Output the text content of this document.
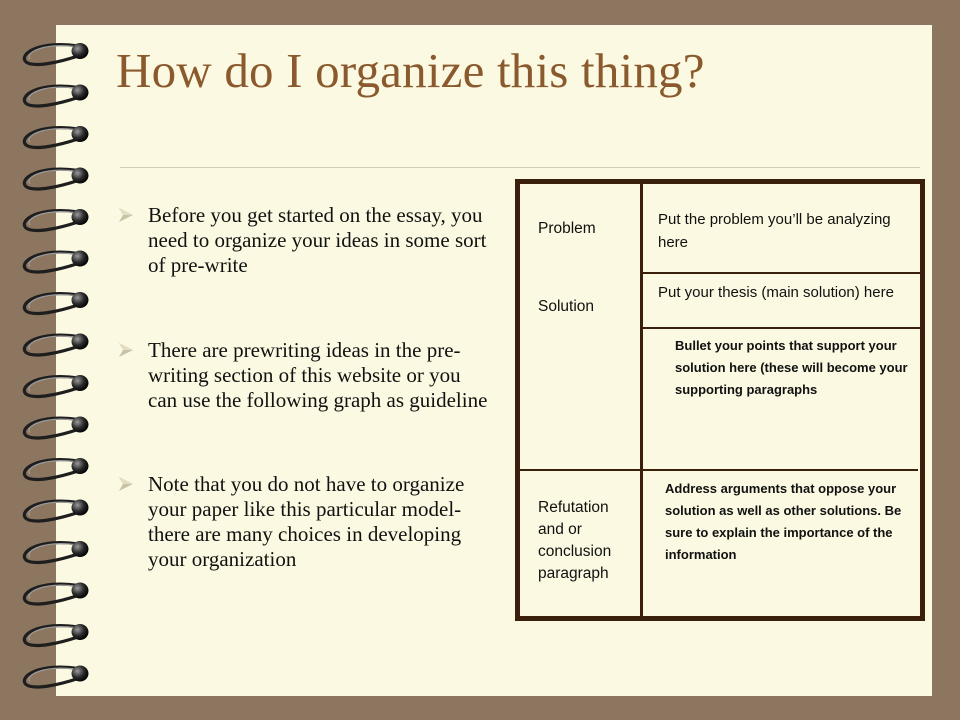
How do I organize this thing?
Before you get started on the essay, you need to organize your ideas in some sort of pre-write
There are prewriting ideas in the pre-writing section of this website or you can use the following graph as guideline
Note that you do not have to organize your paper like this particular model- there are many choices in developing your organization
Problem
Put the problem you’ll be analyzing here
Solution
Put your thesis (main solution) here
Bullet your points that support your solution here (these will become your supporting paragraphs
Refutation and or conclusion paragraph
Address arguments that oppose your solution as well as other solutions. Be sure to explain the importance of the information
